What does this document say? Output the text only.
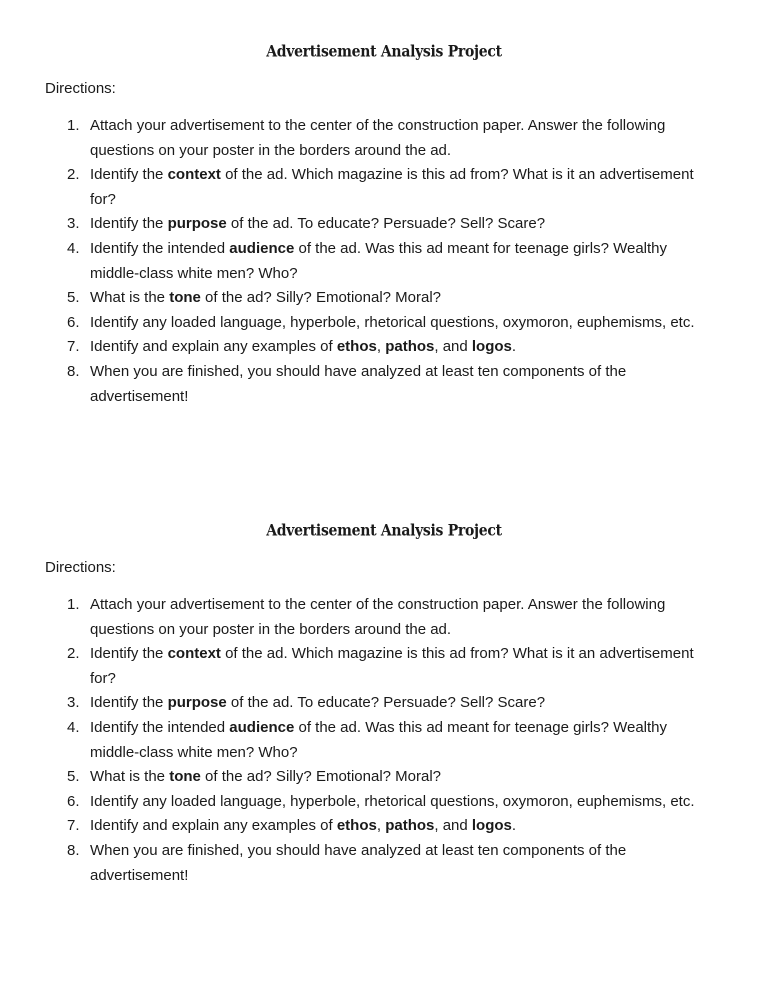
Advertisement Analysis Project
Directions:
1. Attach your advertisement to the center of the construction paper. Answer the following questions on your poster in the borders around the ad.
2. Identify the context of the ad. Which magazine is this ad from? What is it an advertisement for?
3. Identify the purpose of the ad. To educate? Persuade? Sell? Scare?
4. Identify the intended audience of the ad. Was this ad meant for teenage girls? Wealthy middle-class white men? Who?
5. What is the tone of the ad? Silly? Emotional? Moral?
6. Identify any loaded language, hyperbole, rhetorical questions, oxymoron, euphemisms, etc.
7. Identify and explain any examples of ethos, pathos, and logos.
8. When you are finished, you should have analyzed at least ten components of the advertisement!
Advertisement Analysis Project
Directions:
1. Attach your advertisement to the center of the construction paper. Answer the following questions on your poster in the borders around the ad.
2. Identify the context of the ad. Which magazine is this ad from? What is it an advertisement for?
3. Identify the purpose of the ad. To educate? Persuade? Sell? Scare?
4. Identify the intended audience of the ad. Was this ad meant for teenage girls? Wealthy middle-class white men? Who?
5. What is the tone of the ad? Silly? Emotional? Moral?
6. Identify any loaded language, hyperbole, rhetorical questions, oxymoron, euphemisms, etc.
7. Identify and explain any examples of ethos, pathos, and logos.
8. When you are finished, you should have analyzed at least ten components of the advertisement!
